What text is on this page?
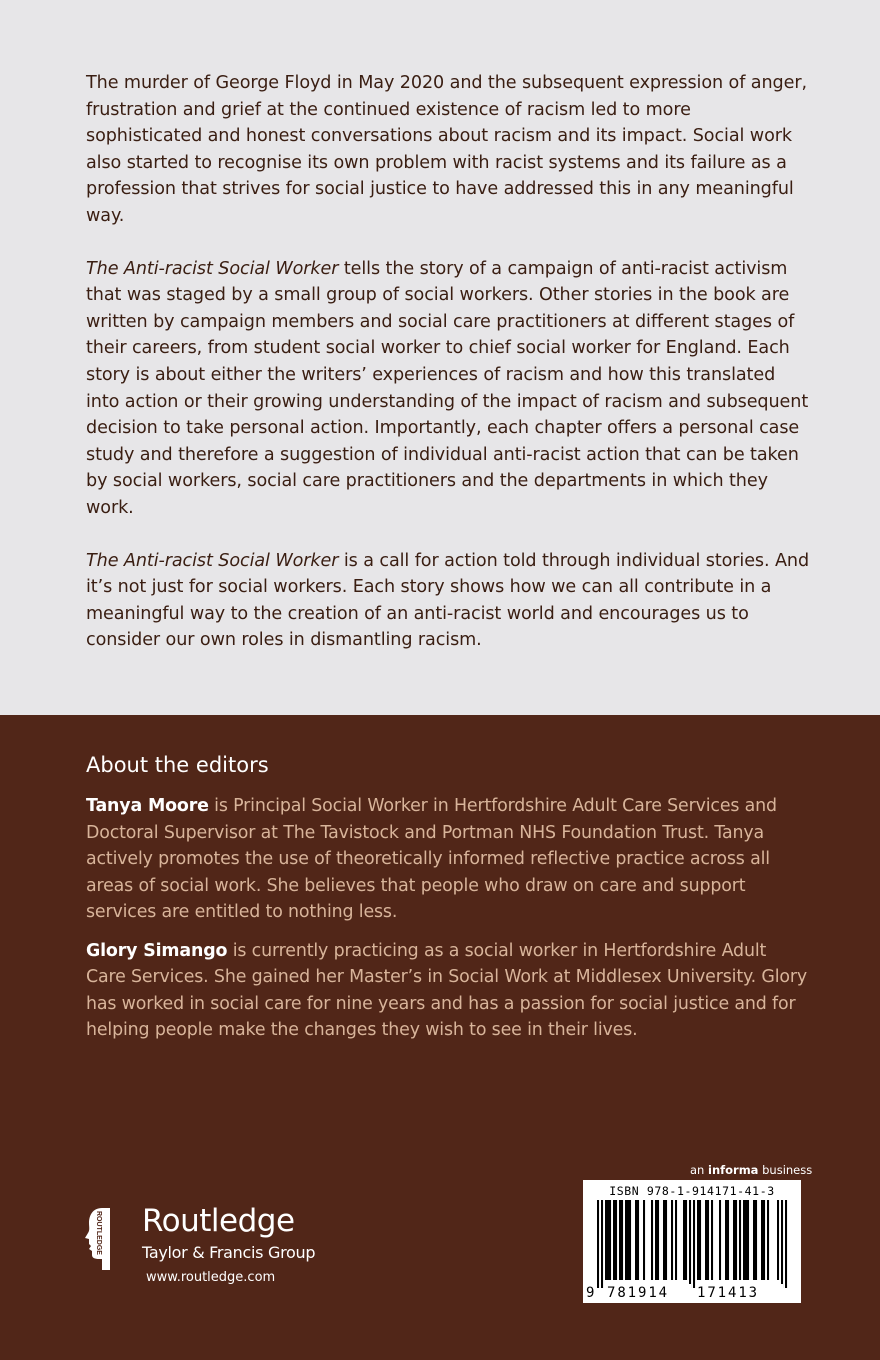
The murder of George Floyd in May 2020 and the subsequent expression of anger, frustration and grief at the continued existence of racism led to more sophisticated and honest conversations about racism and its impact. Social work also started to recognise its own problem with racist systems and its failure as a profession that strives for social justice to have addressed this in any meaningful way.

The Anti-racist Social Worker tells the story of a campaign of anti-racist activism that was staged by a small group of social workers. Other stories in the book are written by campaign members and social care practitioners at different stages of their careers, from student social worker to chief social worker for England. Each story is about either the writers’ experiences of racism and how this translated into action or their growing understanding of the impact of racism and subsequent decision to take personal action. Importantly, each chapter offers a personal case study and therefore a suggestion of individual anti-racist action that can be taken by social workers, social care practitioners and the departments in which they work.

The Anti-racist Social Worker is a call for action told through individual stories. And it’s not just for social workers. Each story shows how we can all contribute in a meaningful way to the creation of an anti-racist world and encourages us to consider our own roles in dismantling racism.

About the editors

Tanya Moore is Principal Social Worker in Hertfordshire Adult Care Services and Doctoral Supervisor at The Tavistock and Portman NHS Foundation Trust. Tanya actively promotes the use of theoretically informed reflective practice across all areas of social work. She believes that people who draw on care and support services are entitled to nothing less.

Glory Simango is currently practicing as a social worker in Hertfordshire Adult Care Services. She gained her Master’s in Social Work at Middlesex University. Glory has worked in social care for nine years and has a passion for social justice and for helping people make the changes they wish to see in their lives.

ROUTLEDGE Routledge
Taylor & Francis Group
www.routledge.com
an informa business
ISBN 978-1-914171-41-3
9 781914	171413
